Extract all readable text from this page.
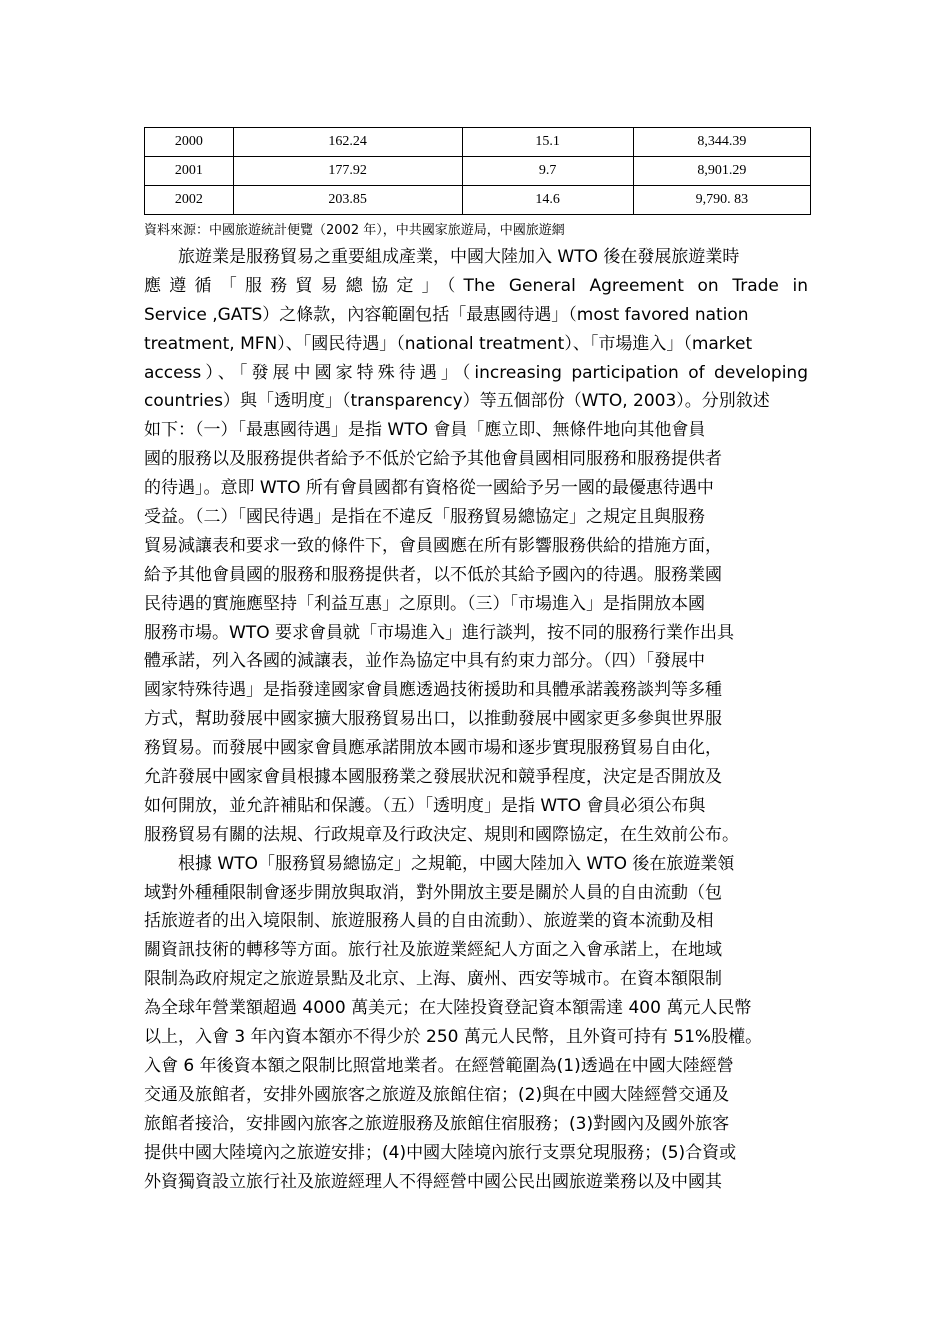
2000	162.24	15.1	8,344.39
2001	177.92	9.7	8,901.29
2002	203.85	14.6	9,790. 83
資料來源：中國旅遊統計便覽（2002 年），中共國家旅遊局，中國旅遊網
　　旅遊業是服務貿易之重要組成產業，中國大陸加入 WTO 後在發展旅遊業時
應遵循「服務貿易總協定」（The General Agreement on Trade in
Service ,GATS）之條款，內容範圍包括「最惠國待遇」（most favored nation
treatment, MFN）、「國民待遇」（national treatment）、「市場進入」（market
access）、「發展中國家特殊待遇」（increasing participation of developing
countries）與「透明度」（transparency）等五個部份（WTO, 2003）。分別敘述
如下：（一）「最惠國待遇」是指 WTO 會員「應立即、無條件地向其他會員
國的服務以及服務提供者給予不低於它給予其他會員國相同服務和服務提供者
的待遇」。意即 WTO 所有會員國都有資格從一國給予另一國的最優惠待遇中
受益。（二）「國民待遇」是指在不違反「服務貿易總協定」之規定且與服務
貿易減讓表和要求一致的條件下，會員國應在所有影響服務供給的措施方面，
給予其他會員國的服務和服務提供者，以不低於其給予國內的待遇。服務業國
民待遇的實施應堅持「利益互惠」之原則。（三）「市場進入」是指開放本國
服務市場。WTO 要求會員就「市場進入」進行談判，按不同的服務行業作出具
體承諾，列入各國的減讓表，並作為協定中具有約束力部分。（四）「發展中
國家特殊待遇」是指發達國家會員應透過技術援助和具體承諾義務談判等多種
方式，幫助發展中國家擴大服務貿易出口，以推動發展中國家更多參與世界服
務貿易。而發展中國家會員應承諾開放本國市場和逐步實現服務貿易自由化，
允許發展中國家會員根據本國服務業之發展狀況和競爭程度，決定是否開放及
如何開放，並允許補貼和保護。（五）「透明度」是指 WTO 會員必須公布與
服務貿易有關的法規、行政規章及行政決定、規則和國際協定，在生效前公布。
　　根據 WTO「服務貿易總協定」之規範，中國大陸加入 WTO 後在旅遊業領
域對外種種限制會逐步開放與取消，對外開放主要是關於人員的自由流動（包
括旅遊者的出入境限制、旅遊服務人員的自由流動）、旅遊業的資本流動及相
關資訊技術的轉移等方面。旅行社及旅遊業經紀人方面之入會承諾上，在地域
限制為政府規定之旅遊景點及北京、上海、廣州、西安等城市。在資本額限制
為全球年營業額超過 4000 萬美元；在大陸投資登記資本額需達 400 萬元人民幣
以上，入會 3 年內資本額亦不得少於 250 萬元人民幣，且外資可持有 51%股權。
入會 6 年後資本額之限制比照當地業者。在經營範圍為(1)透過在中國大陸經營
交通及旅館者，安排外國旅客之旅遊及旅館住宿；(2)與在中國大陸經營交通及
旅館者接洽，安排國內旅客之旅遊服務及旅館住宿服務；(3)對國內及國外旅客
提供中國大陸境內之旅遊安排；(4)中國大陸境內旅行支票兌現服務；(5)合資或
外資獨資設立旅行社及旅遊經理人不得經營中國公民出國旅遊業務以及中國其
